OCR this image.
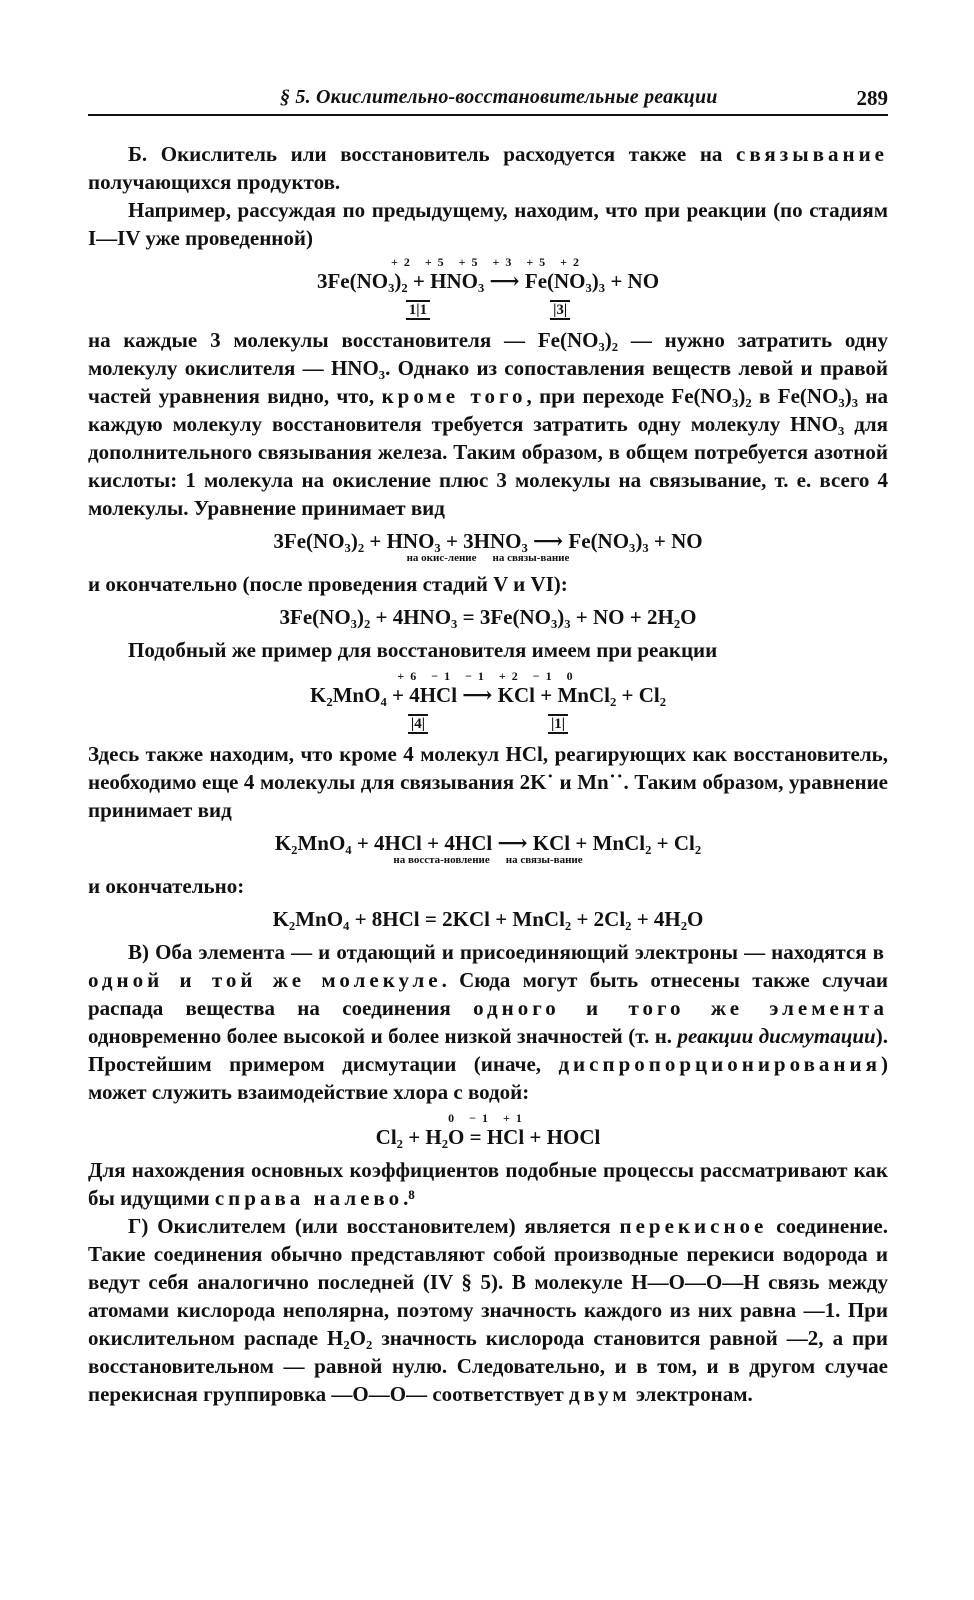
§ 5. Окислительно-восстановительные реакции	289

Б. Окислитель или восстановитель расходуется также на связывание получающихся продуктов.

Например, рассуждая по предыдущему, находим, что при реакции (по стадиям I—IV уже проведенной)

+2 +5 +5 +3 +5 +2
3Fe(NO₃)₂ + HNO₃ ⟶ Fe(NO₃)₃ + NO
1|1	|3|

на каждые 3 молекулы восстановителя — Fe(NO₃)₂ — нужно затратить одну молекулу окислителя — HNO₃. Однако из сопоставления веществ левой и правой частей уравнения видно, что, кроме того, при переходе Fe(NO₃)₂ в Fe(NO₃)₃ на каждую молекулу восстановителя требуется затратить одну молекулу HNO₃ для дополнительного связывания железа. Таким образом, в общем потребуется азотной кислоты: 1 молекула на окисление плюс 3 молекулы на связывание, т. е. всего 4 молекулы. Уравнение принимает вид

3Fe(NO₃)₂ + HNO₃ + 3HNO₃ ⟶ Fe(NO₃)₃ + NO
на окис-ление на связы-вание

и окончательно (после проведения стадий V и VI):

3Fe(NO₃)₂ + 4HNO₃ = 3Fe(NO₃)₃ + NO + 2H₂O

Подобный же пример для восстановителя имеем при реакции

+6 −1 −1 +2 −1 0
K₂MnO₄ + 4HCl ⟶ KCl + MnCl₂ + Cl₂
|4|	|1|

Здесь также находим, что кроме 4 молекул HCl, реагирующих как восстановитель, необходимо еще 4 молекулы для связывания 2K˙ и Mn˙˙. Таким образом, уравнение принимает вид

K₂MnO₄ + 4HCl + 4HCl ⟶ KCl + MnCl₂ + Cl₂
на восста-новление на связы-вание

и окончательно:

K₂MnO₄ + 8HCl = 2KCl + MnCl₂ + 2Cl₂ + 4H₂O

В) Оба элемента — и отдающий и присоединяющий электроны — находятся в одной и той же молекуле. Сюда могут быть отнесены также случаи распада вещества на соединения одного и того же элемента одновременно более высокой и более низкой значностей (т. н. реакции дисмутации). Простейшим примером дисмутации (иначе, диспропорционирования) может служить взаимодействие хлора с водой:

0 −1 +1
Cl₂ + H₂O = HCl + HOCl

Для нахождения основных коэффициентов подобные процессы рассматривают как бы идущими справа налево.⁸

Г) Окислителем (или восстановителем) является перекисное соединение. Такие соединения обычно представляют собой производные перекиси водорода и ведут себя аналогично последней (IV § 5). В молекуле H—O—O—H связь между атомами кислорода неполярна, поэтому значность каждого из них равна —1. При окислительном распаде H₂O₂ значность кислорода становится равной —2, а при восстановительном — равной нулю. Следовательно, и в том, и в другом случае перекисная группировка —O—O— соответствует двум электронам.
